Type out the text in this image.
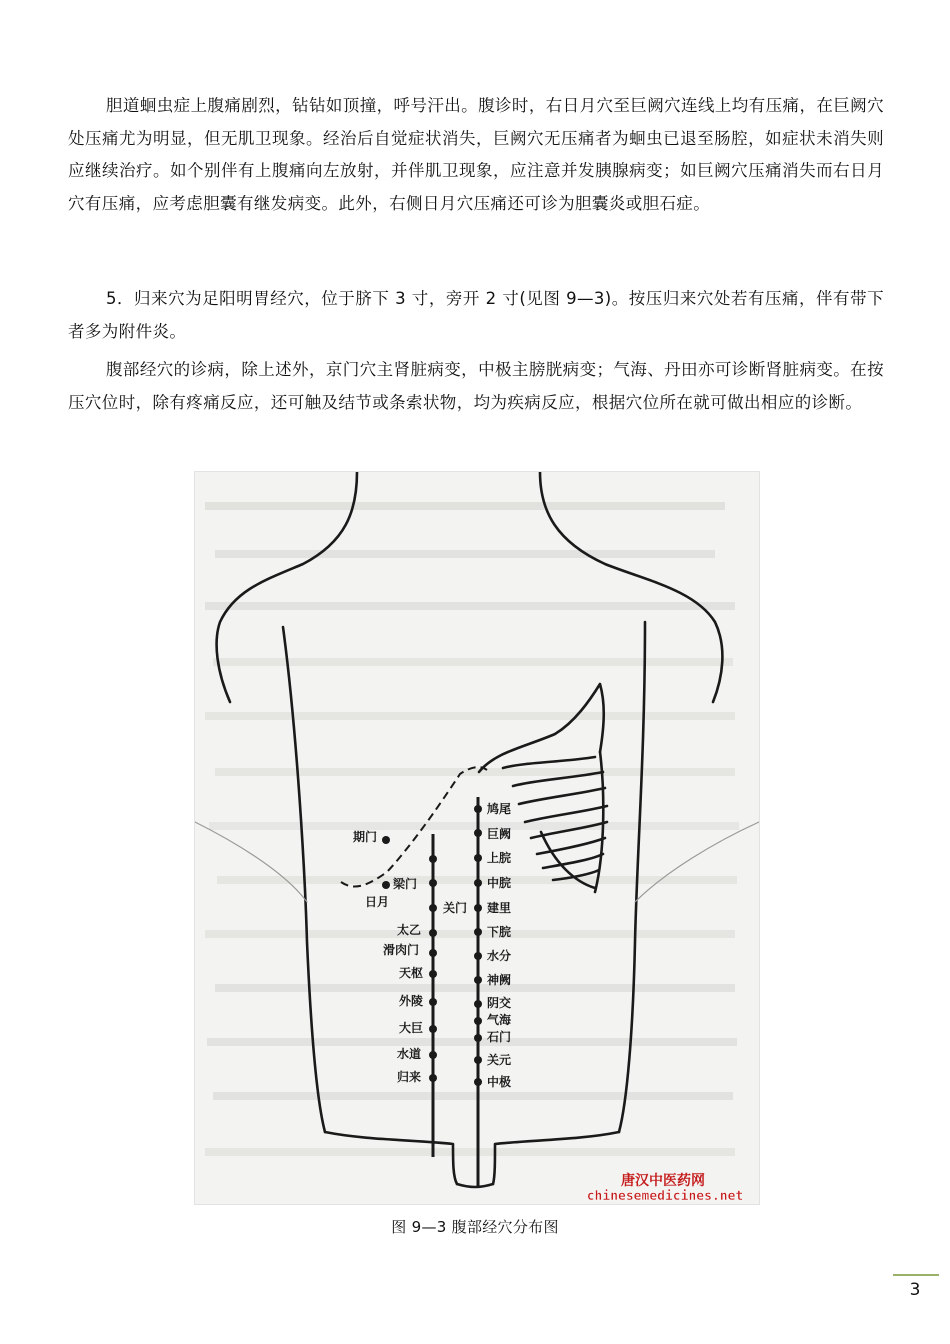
胆道蛔虫症上腹痛剧烈，钻钻如顶撞，呼号汗出。腹诊时，右日月穴至巨阙穴连线上均有压痛，在巨阙穴处压痛尤为明显，但无肌卫现象。经治后自觉症状消失，巨阙穴无压痛者为蛔虫已退至肠腔，如症状未消失则应继续治疗。如个别伴有上腹痛向左放射，并伴肌卫现象，应注意并发胰腺病变；如巨阙穴压痛消失而右日月穴有压痛，应考虑胆囊有继发病变。此外，右侧日月穴压痛还可诊为胆囊炎或胆石症。

5．归来穴为足阳明胃经穴，位于脐下 3 寸，旁开 2 寸(见图 9—3)。按压归来穴处若有压痛，伴有带下者多为附件炎。

腹部经穴的诊病，除上述外，京门穴主肾脏病变，中极主膀胱病变；气海、丹田亦可诊断肾脏病变。在按压穴位时，除有疼痛反应，还可触及结节或条索状物，均为疾病反应，根据穴位所在就可做出相应的诊断。

期门
梁门
日月	关门
太乙
滑肉门
天枢
外陵
大巨
水道
归来
鸠尾
巨阙
上脘
中脘
建里
下脘
水分
神阙
阴交
气海
石门
关元
中极
唐汉中医药网
chinesemedicines.net
图 9—3 腹部经穴分布图
3
